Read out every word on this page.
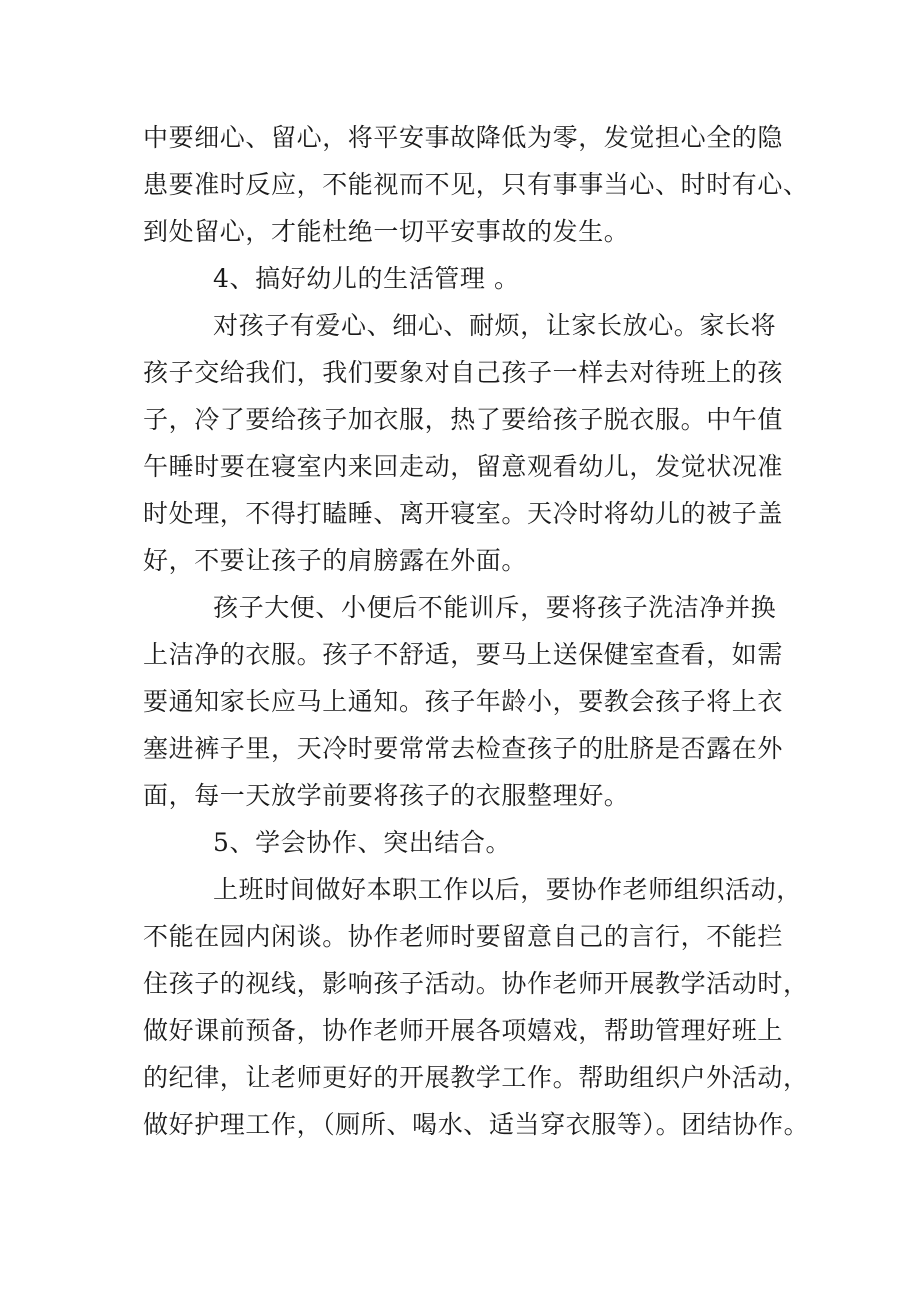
中要细心、留心，将平安事故降低为零，发觉担心全的隐
患要准时反应，不能视而不见，只有事事当心、时时有心、
到处留心，才能杜绝一切平安事故的发生。
4、搞好幼儿的生活管理 。
对孩子有爱心、细心、耐烦，让家长放心。家长将
孩子交给我们，我们要象对自己孩子一样去对待班上的孩
子，冷了要给孩子加衣服，热了要给孩子脱衣服。中午值
午睡时要在寝室内来回走动，留意观看幼儿，发觉状况准
时处理，不得打瞌睡、离开寝室。天冷时将幼儿的被子盖
好，不要让孩子的肩膀露在外面。
孩子大便、小便后不能训斥，要将孩子洗洁净并换
上洁净的衣服。孩子不舒适，要马上送保健室查看，如需
要通知家长应马上通知。孩子年龄小，要教会孩子将上衣
塞进裤子里，天冷时要常常去检查孩子的肚脐是否露在外
面，每一天放学前要将孩子的衣服整理好。
5、学会协作、突出结合。
上班时间做好本职工作以后，要协作老师组织活动，
不能在园内闲谈。协作老师时要留意自己的言行，不能拦
住孩子的视线，影响孩子活动。协作老师开展教学活动时，
做好课前预备，协作老师开展各项嬉戏，帮助管理好班上
的纪律，让老师更好的开展教学工作。帮助组织户外活动，
做好护理工作，（厕所、喝水、适当穿衣服等）。团结协作。
